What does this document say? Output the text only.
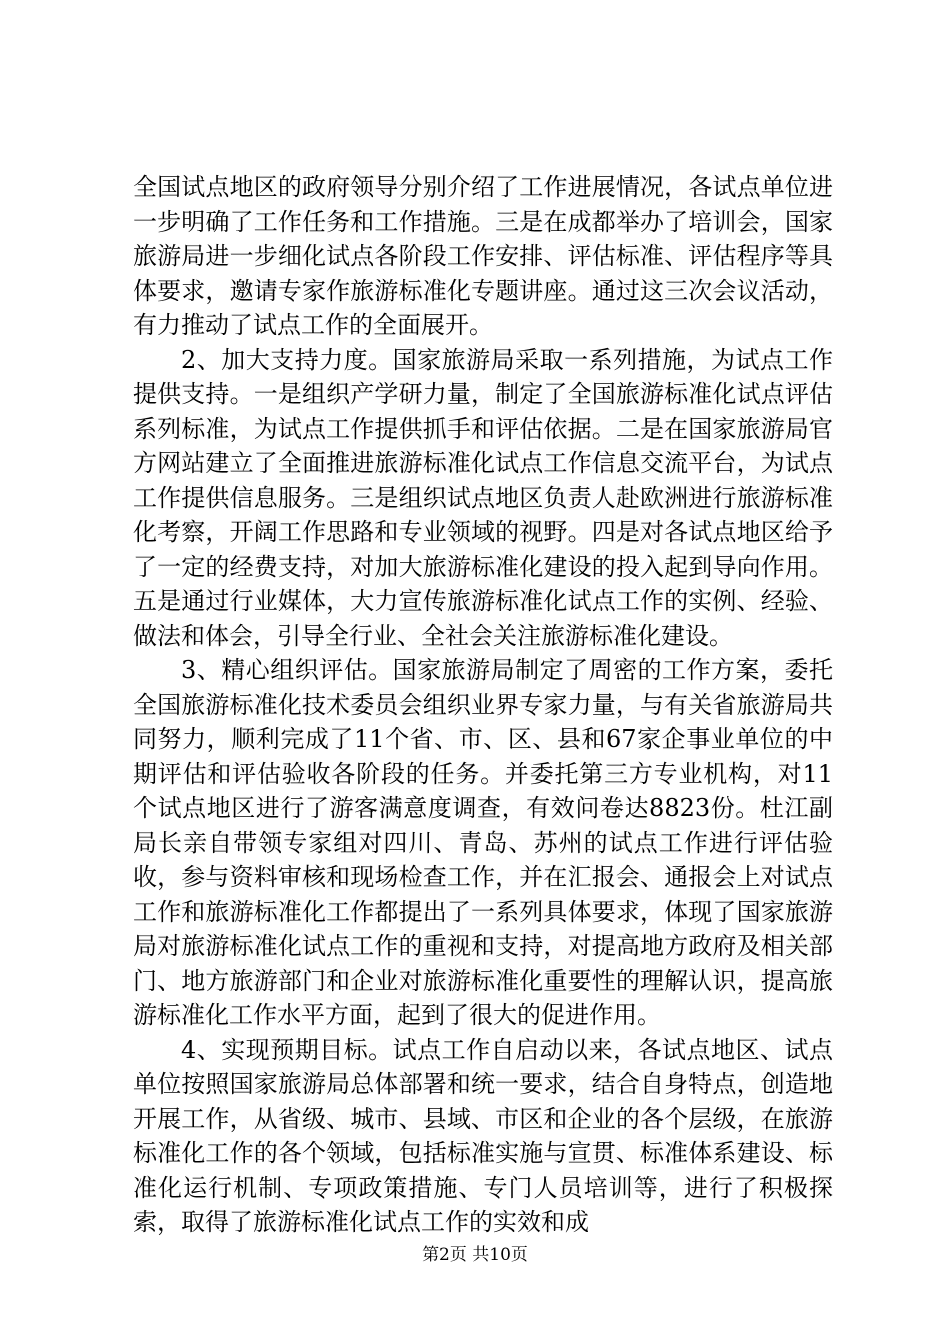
全国试点地区的政府领导分别介绍了工作进展情况，各试点单位进一步明确了工作任务和工作措施。三是在成都举办了培训会，国家旅游局进一步细化试点各阶段工作安排、评估标准、评估程序等具体要求，邀请专家作旅游标准化专题讲座。通过这三次会议活动，有力推动了试点工作的全面展开。

2、加大支持力度。国家旅游局采取一系列措施，为试点工作提供支持。一是组织产学研力量，制定了全国旅游标准化试点评估系列标准，为试点工作提供抓手和评估依据。二是在国家旅游局官方网站建立了全面推进旅游标准化试点工作信息交流平台，为试点工作提供信息服务。三是组织试点地区负责人赴欧洲进行旅游标准化考察，开阔工作思路和专业领域的视野。四是对各试点地区给予了一定的经费支持，对加大旅游标准化建设的投入起到导向作用。五是通过行业媒体，大力宣传旅游标准化试点工作的实例、经验、做法和体会，引导全行业、全社会关注旅游标准化建设。

3、精心组织评估。国家旅游局制定了周密的工作方案，委托全国旅游标准化技术委员会组织业界专家力量，与有关省旅游局共同努力，顺利完成了11个省、市、区、县和67家企事业单位的中期评估和评估验收各阶段的任务。并委托第三方专业机构，对11个试点地区进行了游客满意度调查，有效问卷达8823份。杜江副局长亲自带领专家组对四川、青岛、苏州的试点工作进行评估验收，参与资料审核和现场检查工作，并在汇报会、通报会上对试点工作和旅游标准化工作都提出了一系列具体要求，体现了国家旅游局对旅游标准化试点工作的重视和支持，对提高地方政府及相关部门、地方旅游部门和企业对旅游标准化重要性的理解认识，提高旅游标准化工作水平方面，起到了很大的促进作用。

4、实现预期目标。试点工作自启动以来，各试点地区、试点单位按照国家旅游局总体部署和统一要求，结合自身特点，创造地开展工作，从省级、城市、县域、市区和企业的各个层级，在旅游标准化工作的各个领域，包括标准实施与宣贯、标准体系建设、标准化运行机制、专项政策措施、专门人员培训等，进行了积极探索，取得了旅游标准化试点工作的实效和成

第2页 共10页
